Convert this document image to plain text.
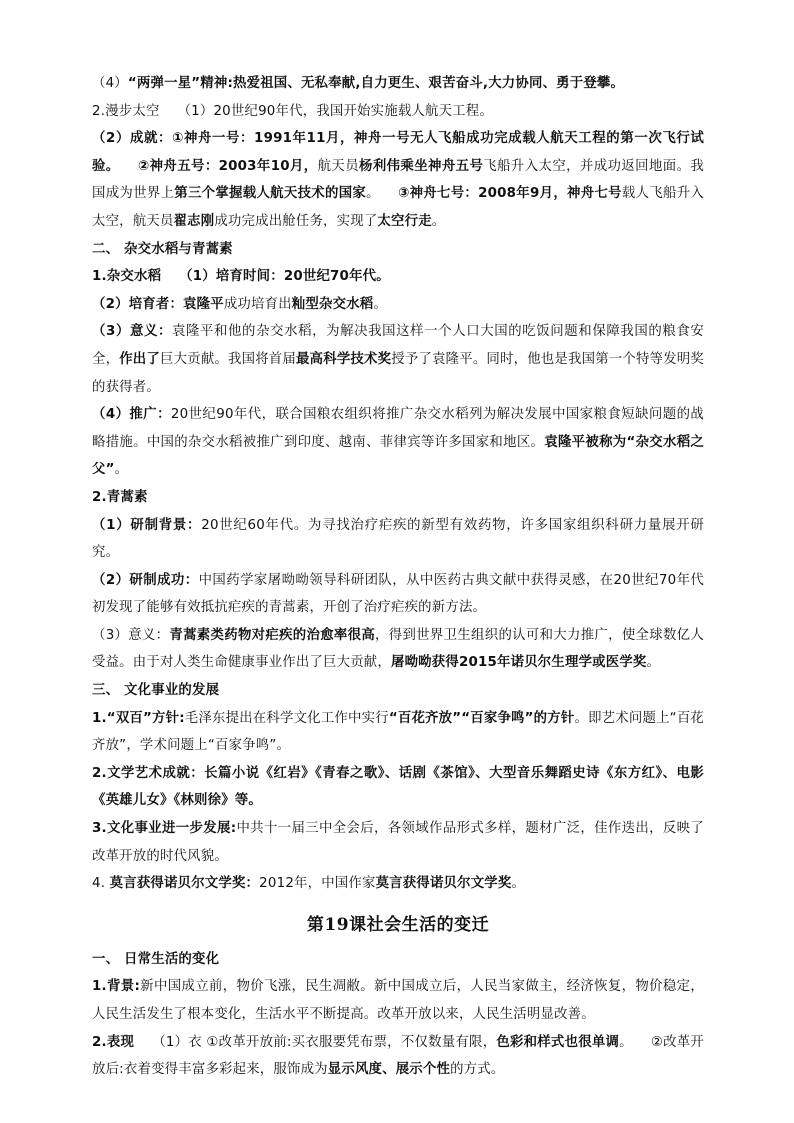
（4）“两弹一星”精神:热爱祖国、无私奉献,自力更生、艰苦奋斗,大力协同、勇于登攀。

2.漫步太空 （1）20世纪90年代，我国开始实施载人航天工程。

（2）成就：①神舟一号：1991年11月，神舟一号无人飞船成功完成载人航天工程的第一次飞行试验。 ②神舟五号：2003年10月，航天员杨利伟乘坐神舟五号飞船升入太空，并成功返回地面。我国成为世界上第三个掌握载人航天技术的国家。 ③神舟七号：2008年9月，神舟七号载人飞船升入太空，航天员翟志刚成功完成出舱任务，实现了太空行走。

二、 杂交水稻与青蒿素

1.杂交水稻 （1）培育时间：20世纪70年代。

（2）培育者：袁隆平成功培育出籼型杂交水稻。

（3）意义：袁隆平和他的杂交水稻，为解决我国这样一个人口大国的吃饭问题和保障我国的粮食安全，作出了巨大贡献。我国将首届最高科学技术奖授予了袁隆平。同时，他也是我国第一个特等发明奖的获得者。

（4）推广：20世纪90年代，联合国粮农组织将推广杂交水稻列为解决发展中国家粮食短缺问题的战略措施。中国的杂交水稻被推广到印度、越南、菲律宾等许多国家和地区。袁隆平被称为“杂交水稻之父”。

2.青蒿素

（1）研制背景：20世纪60年代。为寻找治疗疟疾的新型有效药物，许多国家组织科研力量展开研究。

（2）研制成功：中国药学家屠呦呦领导科研团队，从中医药古典文献中获得灵感，在20世纪70年代初发现了能够有效抵抗疟疾的青蒿素，开创了治疗疟疾的新方法。

（3）意义：青蒿素类药物对疟疾的治愈率很高，得到世界卫生组织的认可和大力推广，使全球数亿人受益。由于对人类生命健康事业作出了巨大贡献，屠呦呦获得2015年诺贝尔生理学或医学奖。

三、 文化事业的发展

1.“双百”方针:毛泽东提出在科学文化工作中实行“百花齐放”“百家争鸣”的方针。即艺术问题上“百花齐放”，学术问题上“百家争鸣”。

2.文学艺术成就：长篇小说《红岩》《青春之歌》、话剧《茶馆》、大型音乐舞蹈史诗《东方红》、电影《英雄儿女》《林则徐》等。

3.文化事业进一步发展:中共十一届三中全会后，各领域作品形式多样，题材广泛，佳作迭出，反映了改革开放的时代风貌。

4. 莫言获得诺贝尔文学奖：2012年，中国作家莫言获得诺贝尔文学奖。

第19课社会生活的变迁

一、 日常生活的变化

1.背景:新中国成立前，物价飞涨，民生凋敝。新中国成立后，人民当家做主，经济恢复，物价稳定，人民生活发生了根本变化，生活水平不断提高。改革开放以来，人民生活明显改善。

2.表现 （1）衣 ①改革开放前:买衣服要凭布票，不仅数量有限，色彩和样式也很单调。 ②改革开放后:衣着变得丰富多彩起来，服饰成为显示风度、展示个性的方式。
